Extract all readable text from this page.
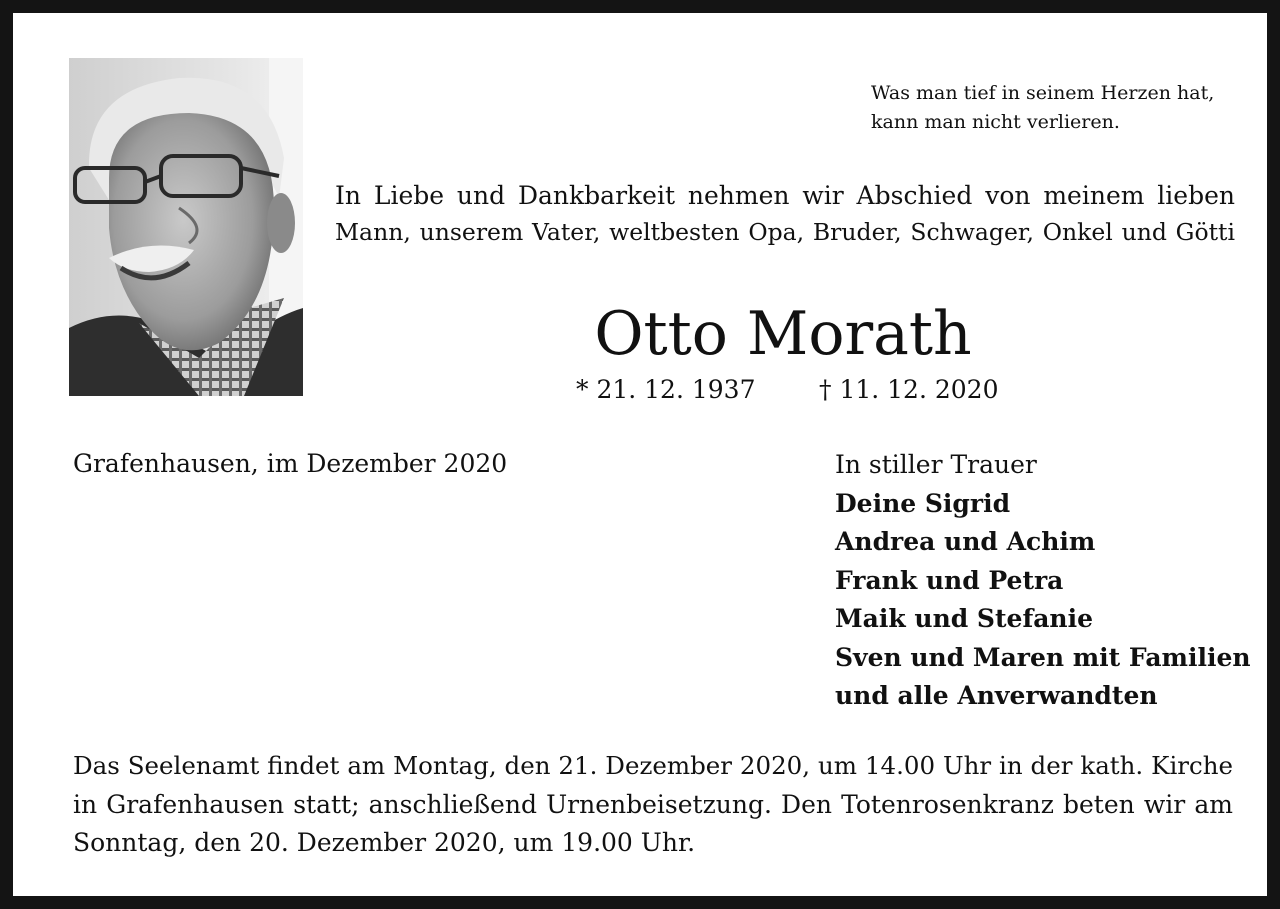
Was man tief in seinem Herzen hat,
kann man nicht verlieren.
In Liebe und Dankbarkeit nehmen wir Abschied von meinem lieben
Mann, unserem Vater, weltbesten Opa, Bruder, Schwager, Onkel und Götti
Otto Morath
* 21. 12. 1937	† 11. 12. 2020
Grafenhausen, im Dezember 2020	In stiller Trauer
Deine Sigrid
Andrea und Achim
Frank und Petra
Maik und Stefanie
Sven und Maren mit Familien
und alle Anverwandten
Das Seelenamt findet am Montag, den 21. Dezember 2020, um 14.00 Uhr in der kath. Kirche
in Grafenhausen statt; anschließend Urnenbeisetzung. Den Totenrosenkranz beten wir am
Sonntag, den 20. Dezember 2020, um 19.00 Uhr.
